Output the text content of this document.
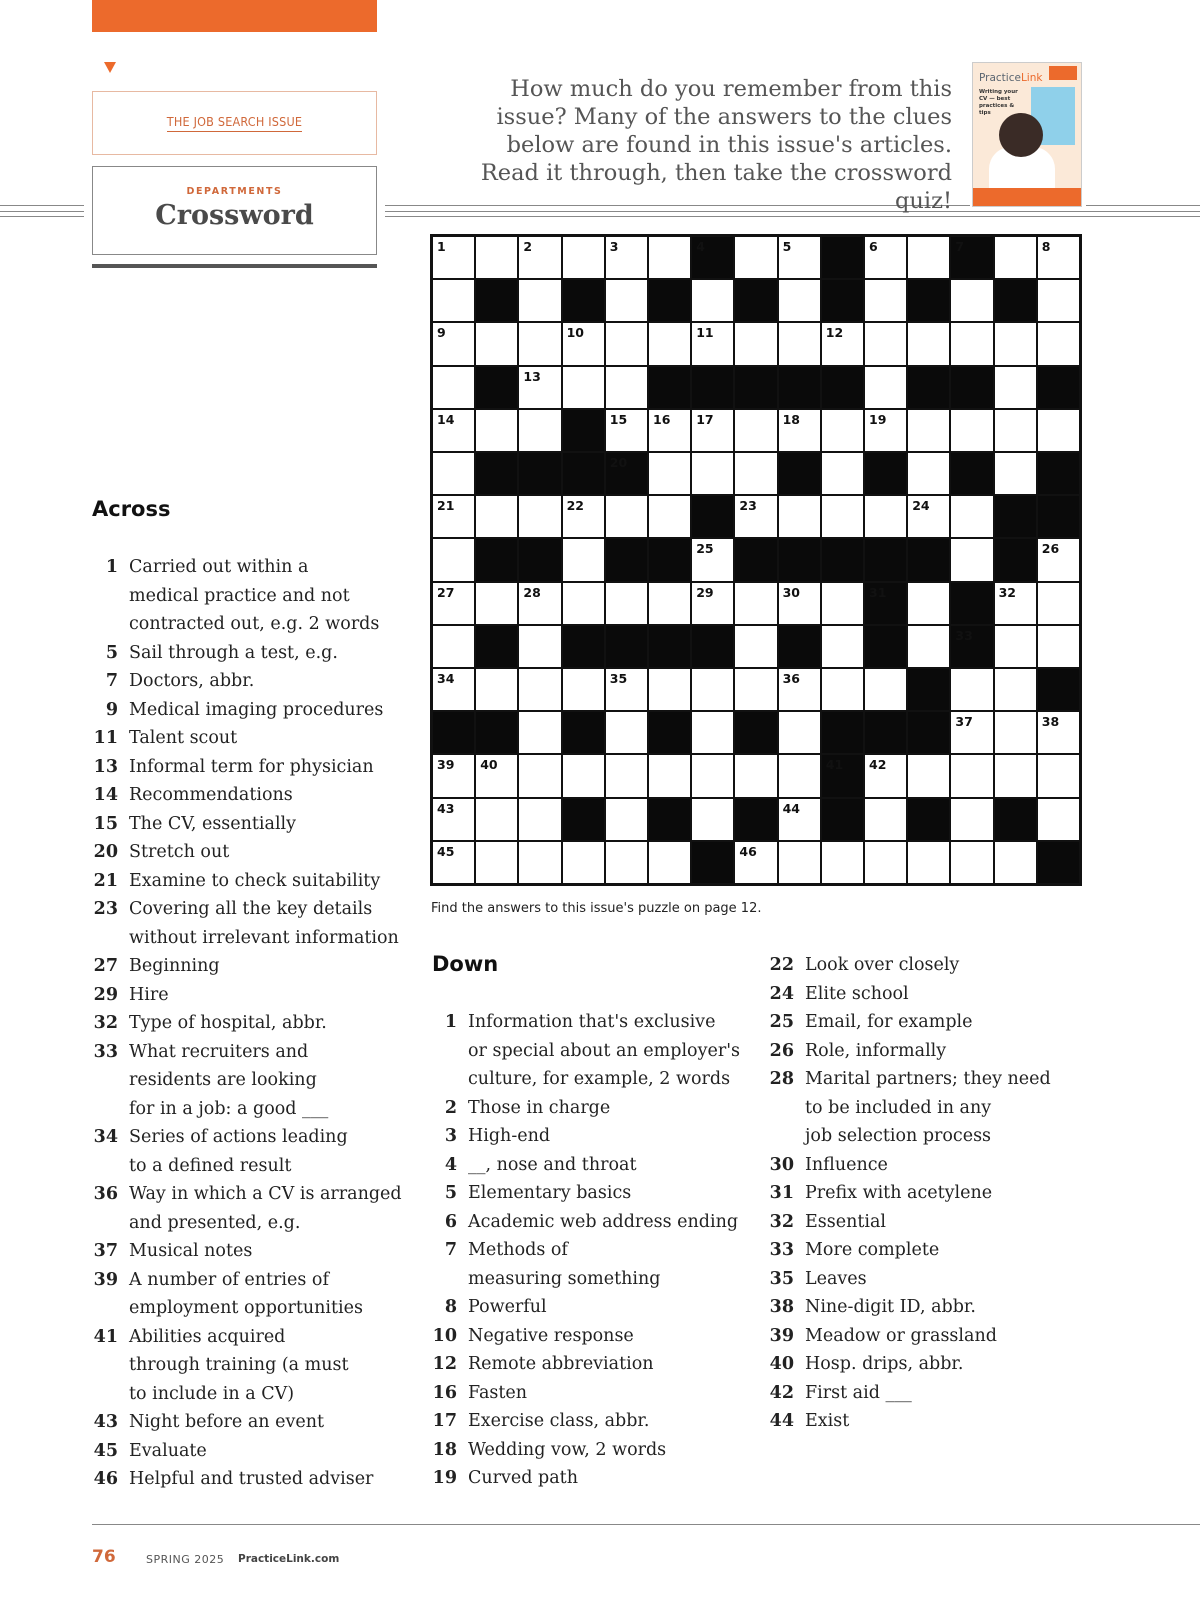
THE JOB SEARCH ISSUE
DEPARTMENTS
Crossword
How much do you remember from this issue? Many of the answers to the clues below are found in this issue's articles. Read it through, then take the crossword quiz!
PracticeLink
Writing your CV — best practices & tips
1	2	3	4	5	6	7	8
9	10	11	12
13
14	15 16 17	18	19
20
21	22	23	24
25	26
27	28	29	30	31	32
33
34	35	36
37	38
39 40	41 42
43	44
45	46
Find the answers to this issue's puzzle on page 12.
Across
1 Carried out within a
medical practice and not
contracted out, e.g. 2 words
5 Sail through a test, e.g.
7 Doctors, abbr.
9 Medical imaging procedures
11 Talent scout
13 Informal term for physician
14 Recommendations
15 The CV, essentially
20 Stretch out
21 Examine to check suitability
23 Covering all the key details
without irrelevant information
27 Beginning
29 Hire
32 Type of hospital, abbr.
33 What recruiters and
residents are looking
for in a job: a good ___
34 Series of actions leading
to a defined result
36 Way in which a CV is arranged
and presented, e.g.
37 Musical notes
39 A number of entries of
employment opportunities
41 Abilities acquired
through training (a must
to include in a CV)
43 Night before an event
45 Evaluate
46 Helpful and trusted adviser
Down
1 Information that's exclusive
or special about an employer's
culture, for example, 2 words
2 Those in charge
3 High-end
4 __, nose and throat
5 Elementary basics
6 Academic web address ending
7 Methods of
measuring something
8 Powerful
10 Negative response
12 Remote abbreviation
16 Fasten
17 Exercise class, abbr.
18 Wedding vow, 2 words
19 Curved path
22 Look over closely
24 Elite school
25 Email, for example
26 Role, informally
28 Marital partners; they need
to be included in any
job selection process
30 Influence
31 Prefix with acetylene
32 Essential
33 More complete
35 Leaves
38 Nine-digit ID, abbr.
39 Meadow or grassland
40 Hosp. drips, abbr.
42 First aid ___
44 Exist
76	SPRING 2025 PracticeLink.com
